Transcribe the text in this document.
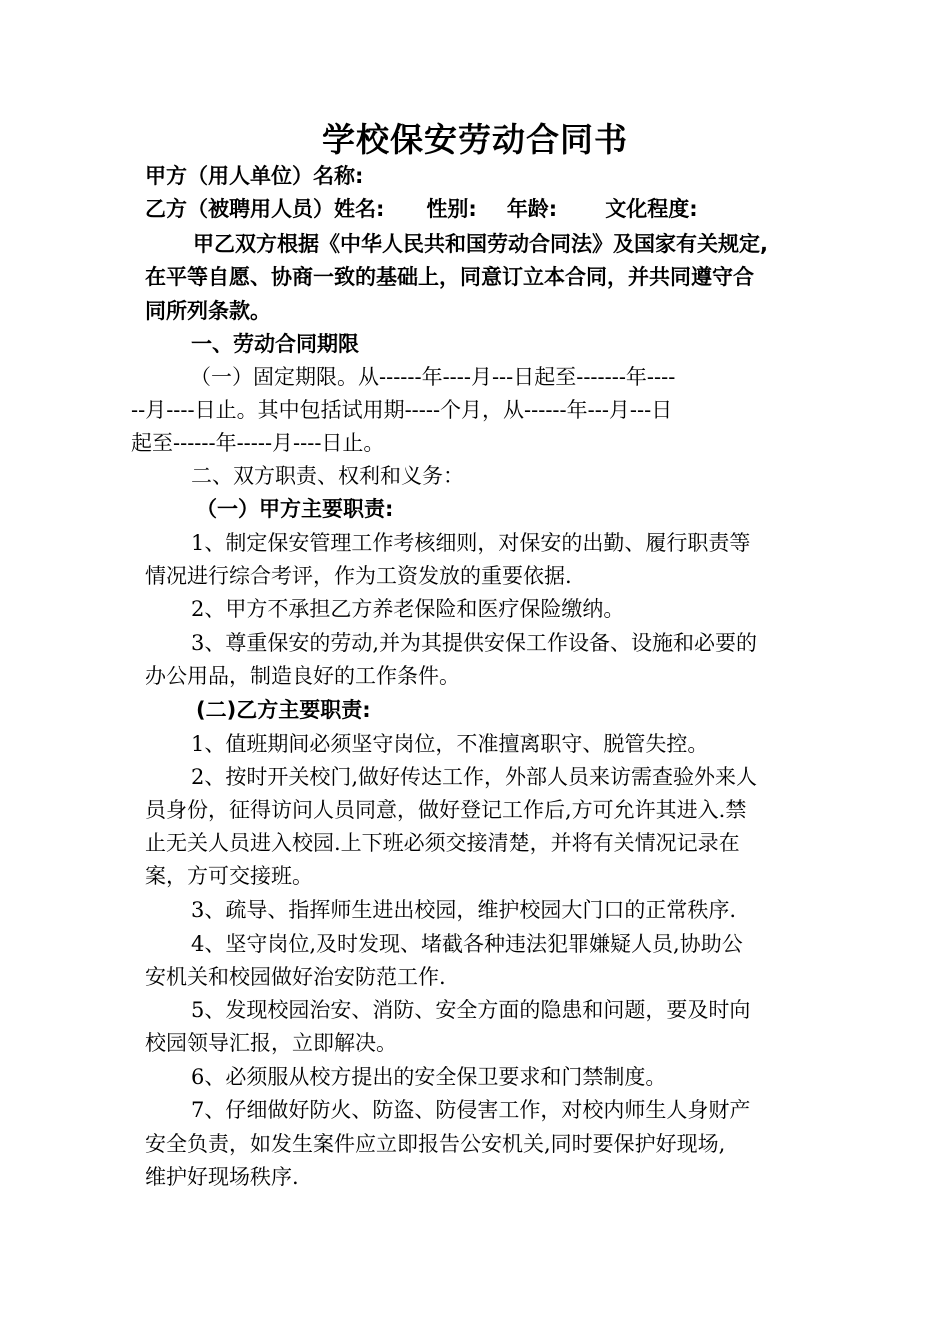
学校保安劳动合同书
甲方（用人单位）名称:
乙方（被聘用人员）姓名: 性别: 年龄: 文化程度:
甲乙双方根据《中华人民共和国劳动合同法》及国家有关规定,
在平等自愿、协商一致的基础上，同意订立本合同，并共同遵守合
同所列条款。
一、劳动合同期限
（一）固定期限。从------年----月---日起至-------年----
--月----日止。其中包括试用期-----个月，从------年---月---日
起至------年-----月----日止。
二、双方职责、权利和义务：
（一）甲方主要职责:
1、制定保安管理工作考核细则，对保安的出勤、履行职责等
情况进行综合考评，作为工资发放的重要依据.
2、甲方不承担乙方养老保险和医疗保险缴纳。
3、尊重保安的劳动,并为其提供安保工作设备、设施和必要的
办公用品，制造良好的工作条件。
(二)乙方主要职责:
1、值班期间必须坚守岗位，不准擅离职守、脱管失控。
2、按时开关校门,做好传达工作，外部人员来访需查验外来人
员身份，征得访问人员同意，做好登记工作后,方可允许其进入.禁
止无关人员进入校园.上下班必须交接清楚，并将有关情况记录在
案，方可交接班。
3、疏导、指挥师生进出校园，维护校园大门口的正常秩序.
4、坚守岗位,及时发现、堵截各种违法犯罪嫌疑人员,协助公
安机关和校园做好治安防范工作.
5、发现校园治安、消防、安全方面的隐患和问题，要及时向
校园领导汇报，立即解决。
6、必须服从校方提出的安全保卫要求和门禁制度。
7、仔细做好防火、防盗、防侵害工作，对校内师生人身财产
安全负责，如发生案件应立即报告公安机关,同时要保护好现场,
维护好现场秩序.
